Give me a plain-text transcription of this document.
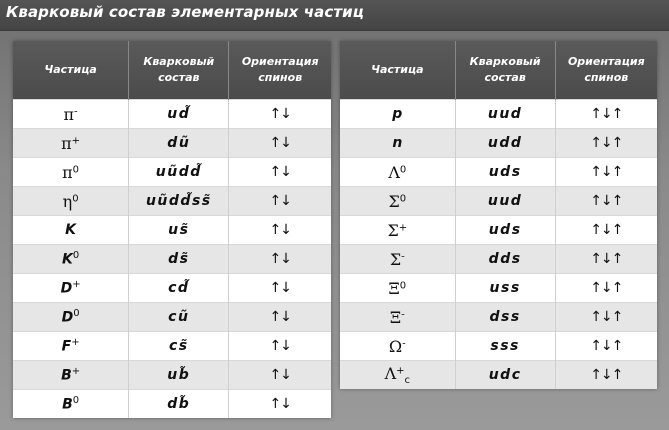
Кварковый состав элементарных частиц
Частица	Кварковый состав	Ориентация спинов
π-	ud̃	↑↓
π+	dũ	↑↓
$\pi^0$	uũdd̃	↑↓
$\eta^0$	uũdd̃ss̃	↑↓
K	us̃	↑↓
$K^0$	ds̃	↑↓
D+	cd̃	↑↓
$D^0$	cũ	↑↓
F+	cs̃	↑↓
B+	ub̃	↑↓
$B^0$	db̃	↑↓
Частица	Кварковый состав	Ориентация спинов
p	uud	↑↓↑
n	udd	↑↓↑
$\Lambda^0$	uds	↑↓↑
$\Sigma^0$	uud	↑↓↑
Σ+	uds	↑↓↑
Σ-	dds	↑↓↑
$\Xi^0$	uss	↑↓↑
Ξ-	dss	↑↓↑
Ω-	sss	↑↓↑
$\Lambda^+_c$	udc	↑↓↑
